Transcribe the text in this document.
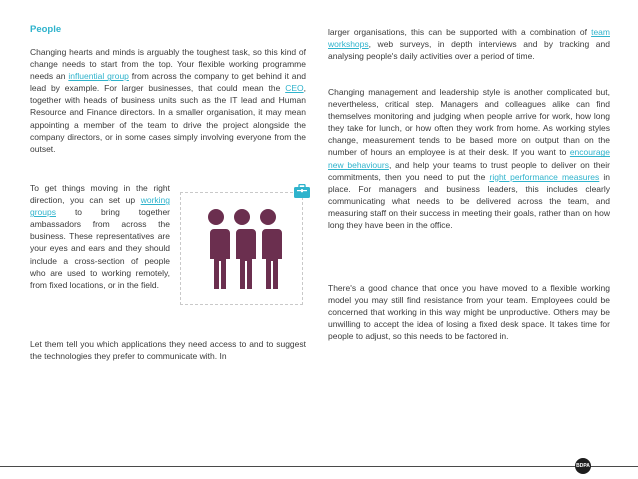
People

Changing hearts and minds is arguably the toughest task, so this kind of change needs to start from the top. Your flexible working programme needs an influential group from across the company to get behind it and lead by example. For larger businesses, that could mean the CEO, together with heads of business units such as the IT lead and Human Resource and Finance directors. In a smaller organisation, it may mean appointing a member of the team to drive the project alongside the company directors, or in some cases simply involving everyone from the outset.

To get things moving in the right direction, you can set up working groups to bring together ambassadors from across the business. These representatives are your eyes and ears and they should include a cross-section of people who are used to working remotely, from fixed locations, or in the field.

Let them tell you which applications they need access to and to suggest the technologies they prefer to communicate with. In

larger organisations, this can be supported with a combination of team workshops, web surveys, in depth interviews and by tracking and analysing people's daily activities over a period of time.

Changing management and leadership style is another complicated but, nevertheless, critical step. Managers and colleagues alike can find themselves monitoring and judging when people arrive for work, how long they take for lunch, or how often they work from home. As working styles change, measurement tends to be based more on output than on the number of hours an employee is at their desk. If you want to encourage new behaviours, and help your teams to trust people to deliver on their commitments, then you need to put the right performance measures in place. For managers and business leaders, this includes clearly communicating what needs to be delivered across the team, and measuring staff on their success in meeting their goals, rather than on how long they have been in the office.

There's a good chance that once you have moved to a flexible working model you may still find resistance from your team. Employees could be concerned that working in this way might be unproductive. Others may be unwilling to accept the idea of losing a fixed desk space. It takes time for people to adjust, so this needs to be factored in.

BDPA
